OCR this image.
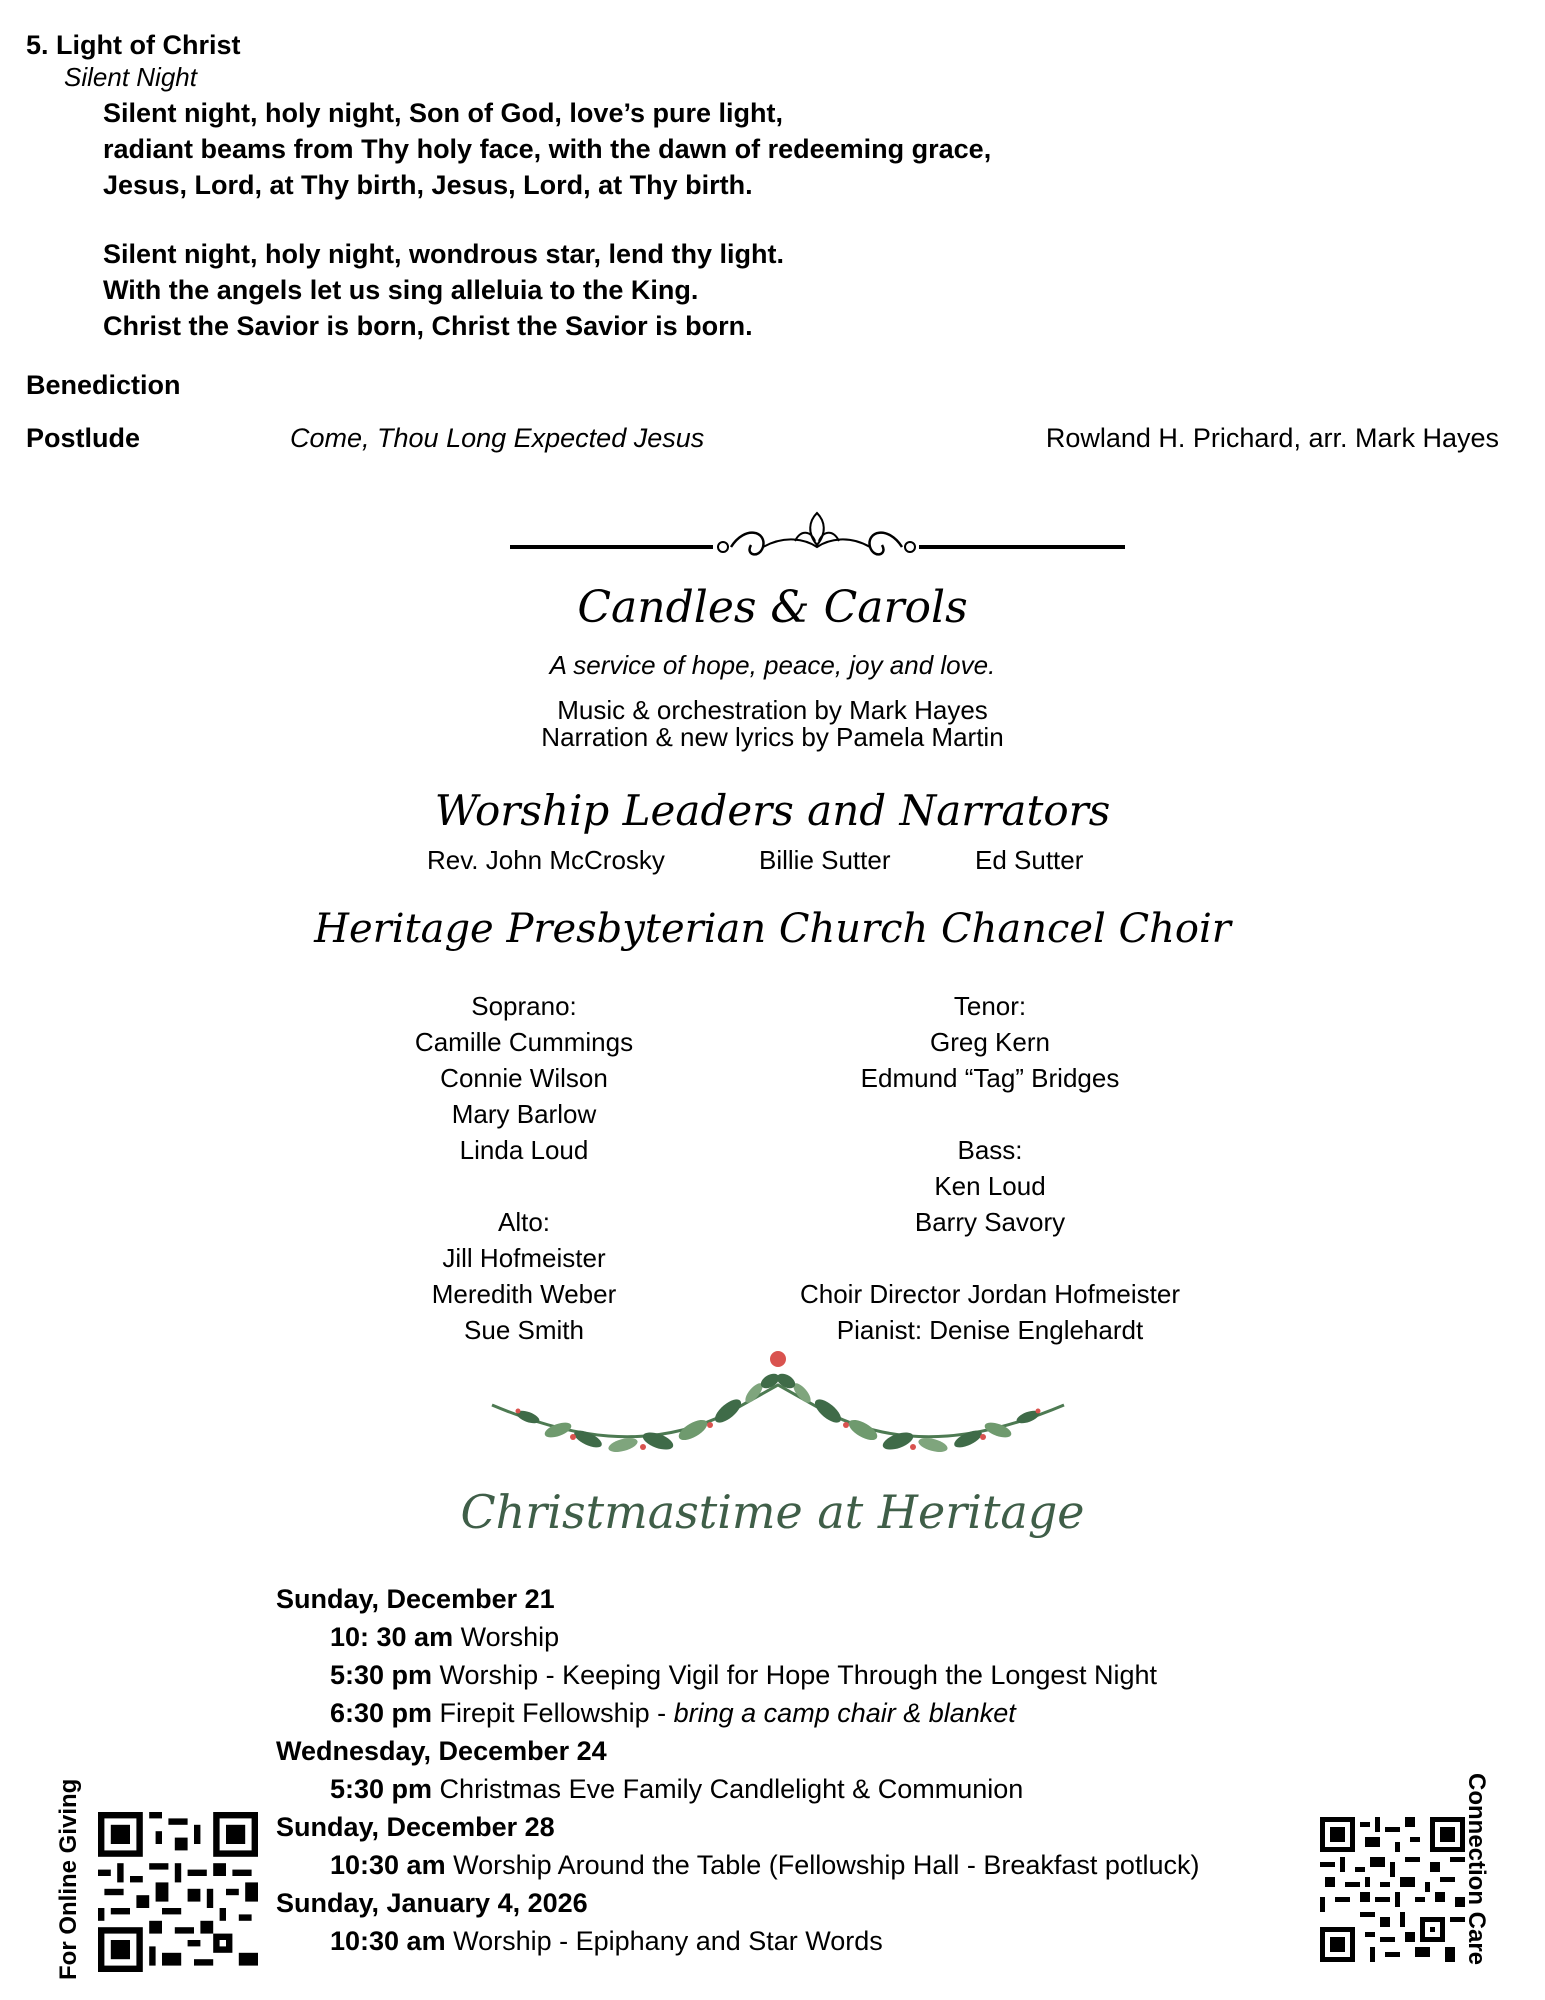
5. Light of Christ
Silent Night
Silent night, holy night, Son of God, love’s pure light,
radiant beams from Thy holy face, with the dawn of redeeming grace,
Jesus, Lord, at Thy birth, Jesus, Lord, at Thy birth.
Silent night, holy night, wondrous star, lend thy light.
With the angels let us sing alleluia to the King.
Christ the Savior is born, Christ the Savior is born.
Benediction
Postlude	Come, Thou Long Expected Jesus	Rowland H. Prichard, arr. Mark Hayes
Candles & Carols
A service of hope, peace, joy and love.
Music & orchestration by Mark Hayes
Narration & new lyrics by Pamela Martin
Worship Leaders and Narrators
Rev. John McCrosky	Billie Sutter	Ed Sutter
Heritage Presbyterian Church Chancel Choir
Soprano:
Camille Cummings
Connie Wilson
Mary Barlow
Linda Loud
Alto:
Jill Hofmeister
Meredith Weber
Sue Smith
Tenor:
Greg Kern
Edmund “Tag” Bridges
Bass:
Ken Loud
Barry Savory
Choir Director Jordan Hofmeister
Pianist: Denise Englehardt
Christmastime at Heritage
Sunday, December 21
10: 30 am Worship
5:30 pm Worship - Keeping Vigil for Hope Through the Longest Night
6:30 pm Firepit Fellowship - bring a camp chair & blanket
Wednesday, December 24
5:30 pm Christmas Eve Family Candlelight & Communion
Sunday, December 28
10:30 am Worship Around the Table (Fellowship Hall - Breakfast potluck)
Sunday, January 4, 2026
10:30 am Worship - Epiphany and Star Words
For Online Giving	Connection Care
